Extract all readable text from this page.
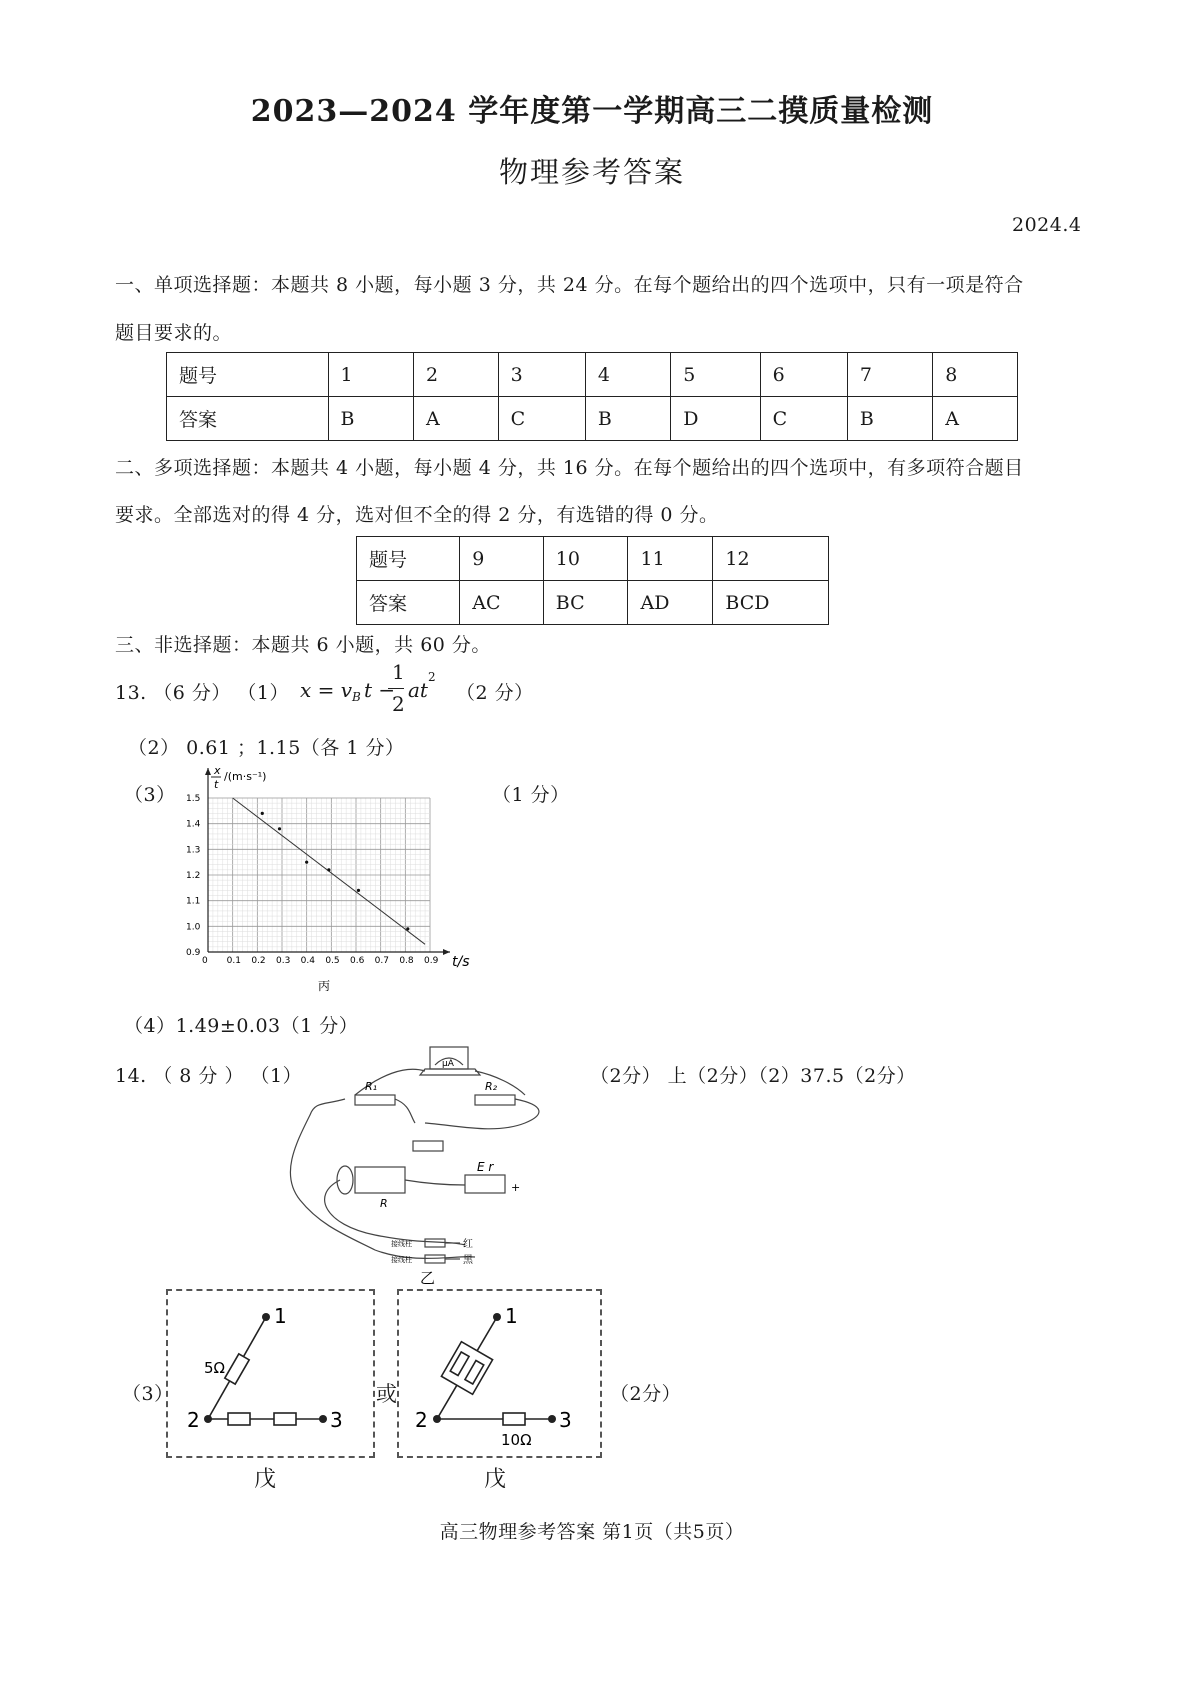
2023—2024 学年度第一学期高三二摸质量检测
物理参考答案
2024.4
一、单项选择题：本题共 8 小题，每小题 3 分，共 24 分。在每个题给出的四个选项中，只有一项是符合
题目要求的。
题号	1	2	3	4	5	6	7	8
答案	B	A	C	B	D	C	B	A
二、多项选择题：本题共 4 小题，每小题 4 分，共 16 分。在每个题给出的四个选项中，有多项符合题目
要求。全部选对的得 4 分，选对但不全的得 2 分，有选错的得 0 分。
题号	9	10	11	12
答案	AC	BC	AD	BCD
三、非选择题：本题共 6 小题，共 60 分。
13. （6 分） （1） x = v B t −
1
2
at
2
（2 分）
（2） 0.61 ；1.15（各 1 分）
（3）	（1 分）
0 0.1 0.2 0.3 0.4 0.5 0.6 0.7 0.8 0.9
0.9
1.0
1.1
1.2
1.3
1.4
1.5
x
t
/(m·s⁻¹)
t/s
丙
（4）1.49±0.03（1 分）
14. （ 8 分 ） （1）	（2分） 上（2分）（2）37.5（2分）
μA
R₁	R₂
R
E r
+
接线柱
接线柱
红
黑
乙
（3）
1
2	3
5Ω
戊
或
1
2	3
10Ω
戊
（2分）
高三物理参考答案 第1页（共5页）
